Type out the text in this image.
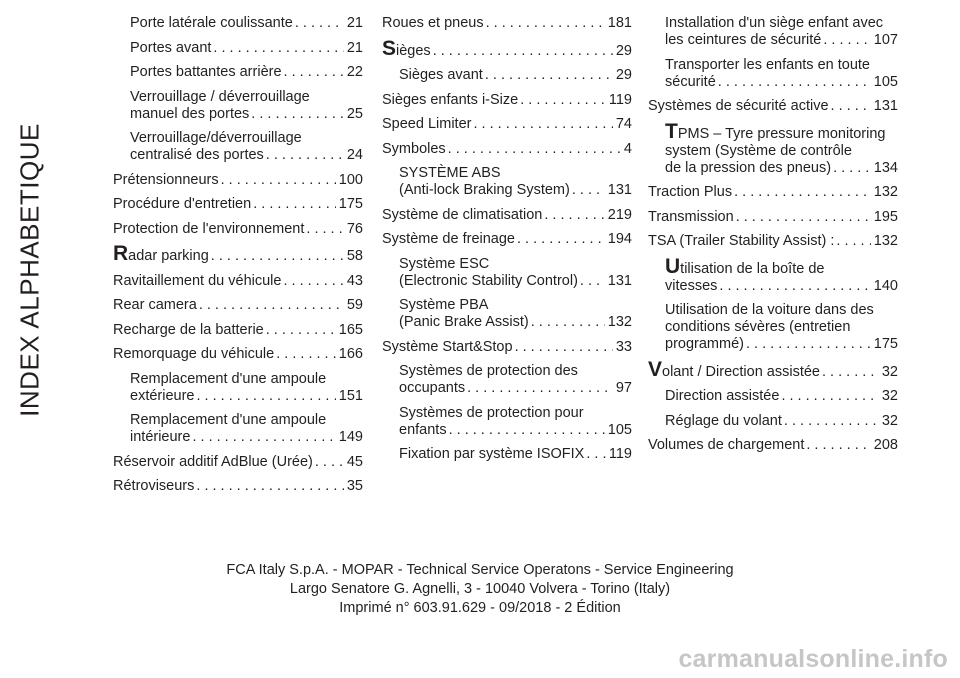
INDEX ALPHABETIQUE
Porte latérale coulissante . . .	21
Portes avant . . .	21
Portes battantes arrière . . .	22
Verrouillage / déverrouillage
manuel des portes . . .	25
Verrouillage/déverrouillage
centralisé des portes . . .	24
Prétensionneurs . . .	100
Procédure d'entretien . . .	175
Protection de l'environnement . . .	76
R adar parking . . .	58
Ravitaillement du véhicule . . .	43
Rear camera . . .	59
Recharge de la batterie . . .	165
Remorquage du véhicule . . .	166
Remplacement d'une ampoule
extérieure . . .	151
Remplacement d'une ampoule
intérieure . . .	149
Réservoir additif AdBlue (Urée) . . . 45
Rétroviseurs . . .	35
Roues et pneus . . .	181
S ièges . . .	29
Sièges avant . . .	29
Sièges enfants i-Size . . .	119
Speed Limiter . . .	74
Symboles . . .	4
SYSTÈME ABS
(Anti-lock Braking System) . . .	131
Système de climatisation . . .	219
Système de freinage . . .	194
Système ESC
(Electronic Stability Control) . . . 131
Système PBA
(Panic Brake Assist) . . .	132
Système Start&Stop . . .	33
Systèmes de protection des
occupants . . .	97
Systèmes de protection pour
enfants . . .	105
Fixation par système ISOFIX . . . 119
Installation d'un siège enfant avec
les ceintures de sécurité . . .	107
Transporter les enfants en toute
sécurité . . .	105
Systèmes de sécurité active . . .	131
TPMS – Tyre pressure monitoring
system (Système de contrôle
de la pression des pneus) . . .	134
Traction Plus . . .	132
Transmission . . .	195
TSA (Trailer Stability Assist) : . . .	132
Utilisation de la boîte de
vitesses . . .	140
Utilisation de la voiture dans des
conditions sévères (entretien
programmé) . . .	175
V olant / Direction assistée . . .	32
Direction assistée . . .	32
Réglage du volant . . .	32
Volumes de chargement . . .	208
FCA Italy S.p.A. - MOPAR - Technical Service Operatons - Service Engineering
Largo Senatore G. Agnelli, 3 - 10040 Volvera - Torino (Italy)
Imprimé n° 603.91.629 - 09/2018 - 2 Édition
carmanualsonline.info
